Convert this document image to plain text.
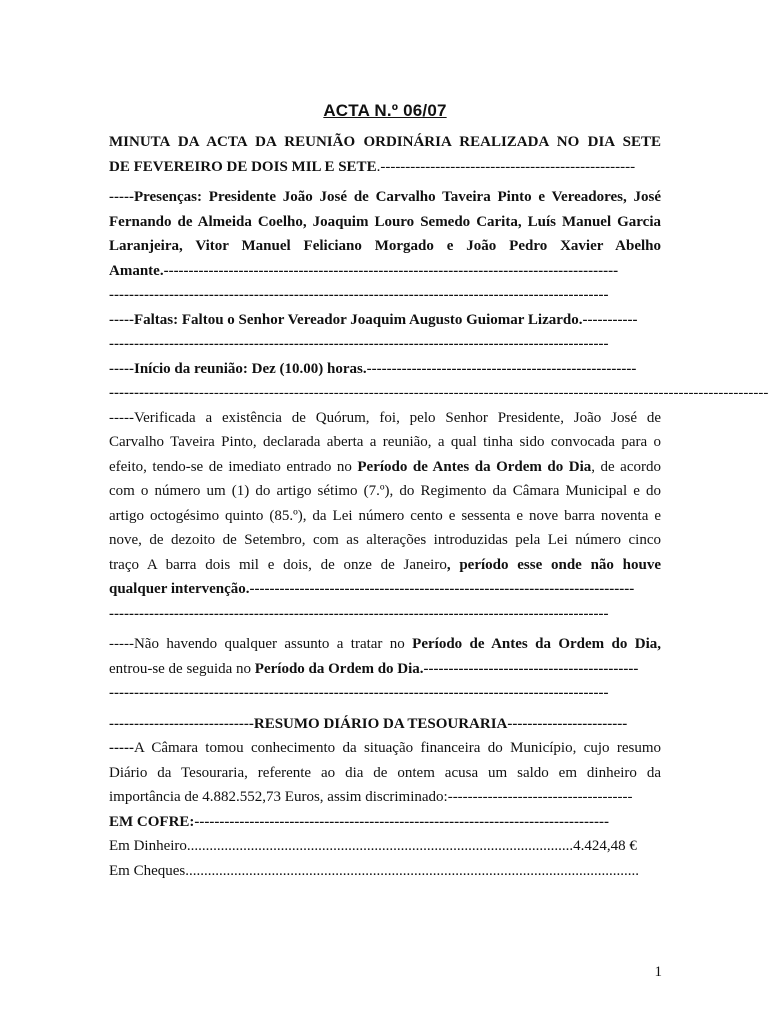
ACTA N.º 06/07
MINUTA DA ACTA DA REUNIÃO ORDINÁRIA REALIZADA NO DIA SETE
DE FEVEREIRO DE DOIS MIL E SETE.---------------------------------------------------
-----Presenças: Presidente João José de Carvalho Taveira Pinto e Vereadores, José
Fernando de Almeida Coelho, Joaquim Louro Semedo Carita, Luís Manuel Garcia
Laranjeira, Vitor Manuel Feliciano Morgado e João Pedro Xavier Abelho
Amante.-------------------------------------------------------------------------------------------
----------------------------------------------------------------------------------------------------
-----Faltas: Faltou o Senhor Vereador Joaquim Augusto Guiomar Lizardo.-----------
----------------------------------------------------------------------------------------------------
-----Início da reunião: Dez (10.00) horas.------------------------------------------------------
------------------------------------------------------------------------------------------------------------------------------------
-----Verificada a existência de Quórum, foi, pelo Senhor Presidente, João José de
Carvalho Taveira Pinto, declarada aberta a reunião, a qual tinha sido convocada para o
efeito, tendo-se de imediato entrado no Período de Antes da Ordem do Dia, de acordo
com o número um (1) do artigo sétimo (7.º), do Regimento da Câmara Municipal e do
artigo octogésimo quinto (85.º), da Lei número cento e sessenta e nove barra noventa e
nove, de dezoito de Setembro, com as alterações introduzidas pela Lei número cinco
traço A barra dois mil e dois, de onze de Janeiro, período esse onde não houve
qualquer intervenção.-----------------------------------------------------------------------------
----------------------------------------------------------------------------------------------------
-----Não havendo qualquer assunto a tratar no Período de Antes da Ordem do Dia,
entrou-se de seguida no Período da Ordem do Dia.-------------------------------------------
----------------------------------------------------------------------------------------------------
-----------------------------RESUMO DIÁRIO DA TESOURARIA------------------------
-----A Câmara tomou conhecimento da situação financeira do Município, cujo resumo
Diário da Tesouraria, referente ao dia de ontem acusa um saldo em dinheiro da
importância de 4.882.552,73 Euros, assim discriminado:-------------------------------------
EM COFRE:-----------------------------------------------------------------------------------
Em Dinheiro.......................................................................................................4.424,48 €
Em Cheques.........................................................................................................................
1
